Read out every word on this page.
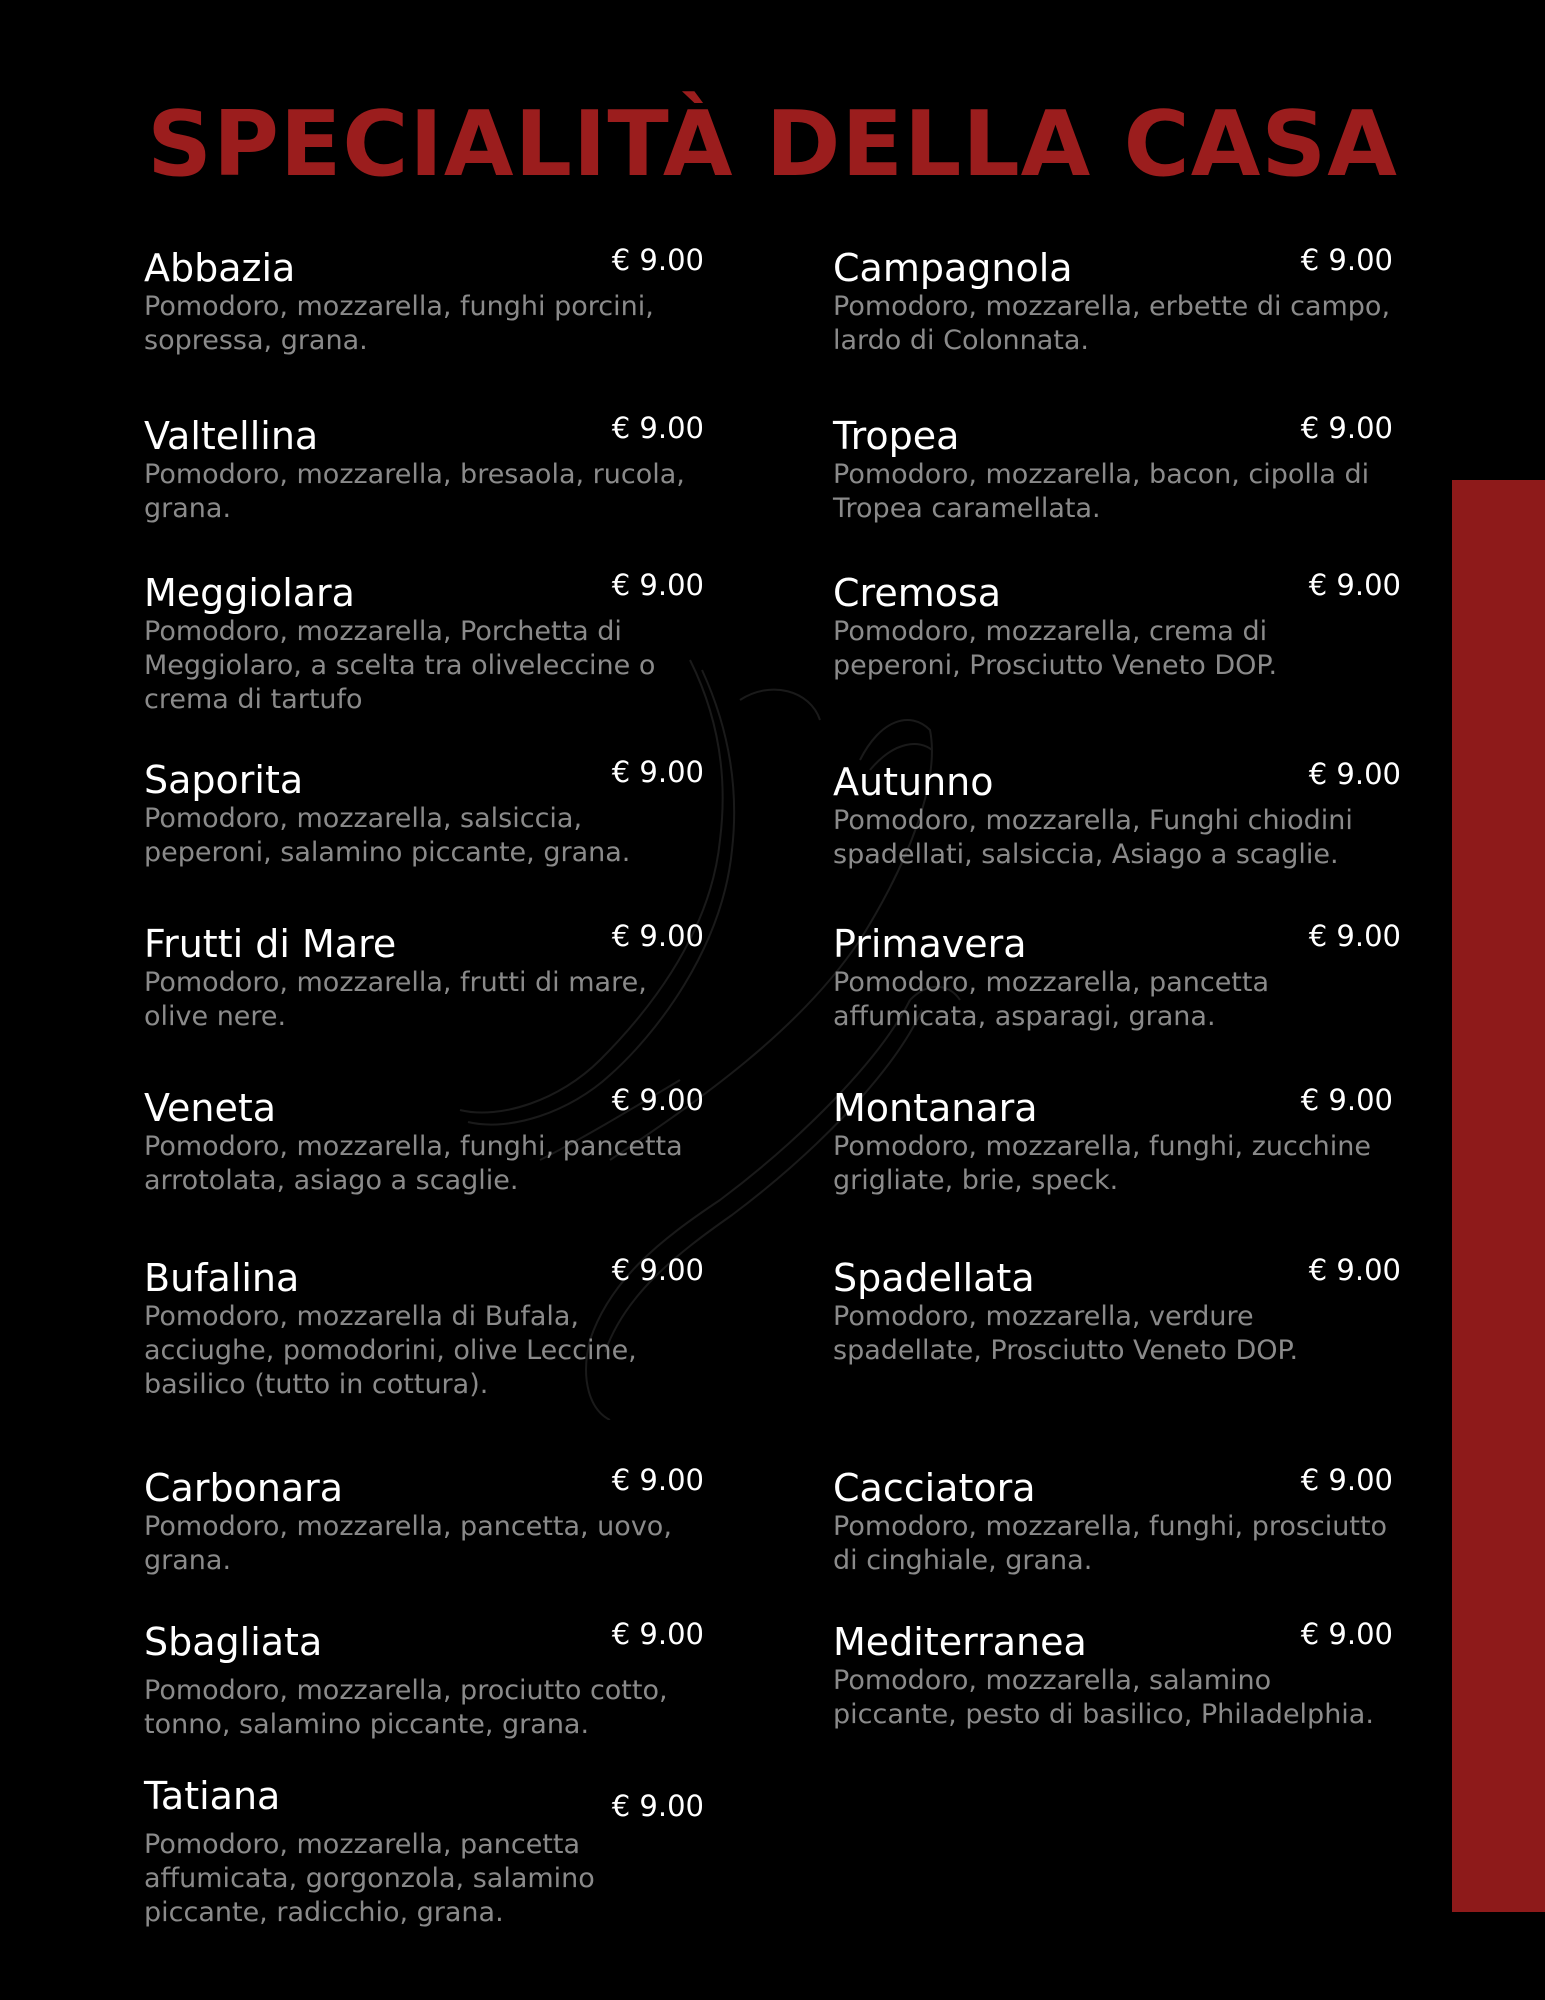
SPECIALITÀ DELLA CASA
Abbazia	€ 9.00
Pomodoro, mozzarella, funghi porcini, sopressa, grana.
Valtellina	€ 9.00
Pomodoro, mozzarella, bresaola, rucola, grana.
Meggiolara	€ 9.00
Pomodoro, mozzarella, Porchetta di Meggiolaro, a scelta tra oliveleccine o crema di tartufo
Saporita	€ 9.00
Pomodoro, mozzarella, salsiccia, peperoni, salamino piccante, grana.
Frutti di Mare	€ 9.00
Pomodoro, mozzarella, frutti di mare, olive nere.
Veneta	€ 9.00
Pomodoro, mozzarella, funghi, pancetta arrotolata, asiago a scaglie.
Bufalina	€ 9.00
Pomodoro, mozzarella di Bufala, acciughe, pomodorini, olive Leccine, basilico (tutto in cottura).
Carbonara	€ 9.00
Pomodoro, mozzarella, pancetta, uovo, grana.
Sbagliata	€ 9.00
Pomodoro, mozzarella, prociutto cotto, tonno, salamino piccante, grana.
Tatiana	€ 9.00
Pomodoro, mozzarella, pancetta affumicata, gorgonzola, salamino piccante, radicchio, grana.
Campagnola	€ 9.00
Pomodoro, mozzarella, erbette di campo, lardo di Colonnata.
Tropea	€ 9.00
Pomodoro, mozzarella, bacon, cipolla di Tropea caramellata.
Cremosa	€ 9.00
Pomodoro, mozzarella, crema di peperoni, Prosciutto Veneto DOP.
Autunno	€ 9.00
Pomodoro, mozzarella, Funghi chiodini spadellati, salsiccia, Asiago a scaglie.
Primavera	€ 9.00
Pomodoro, mozzarella, pancetta affumicata, asparagi, grana.
Montanara	€ 9.00
Pomodoro, mozzarella, funghi, zucchine grigliate, brie, speck.
Spadellata	€ 9.00
Pomodoro, mozzarella, verdure spadellate, Prosciutto Veneto DOP.
Cacciatora	€ 9.00
Pomodoro, mozzarella, funghi, prosciutto di cinghiale, grana.
Mediterranea	€ 9.00
Pomodoro, mozzarella, salamino piccante, pesto di basilico, Philadelphia.
